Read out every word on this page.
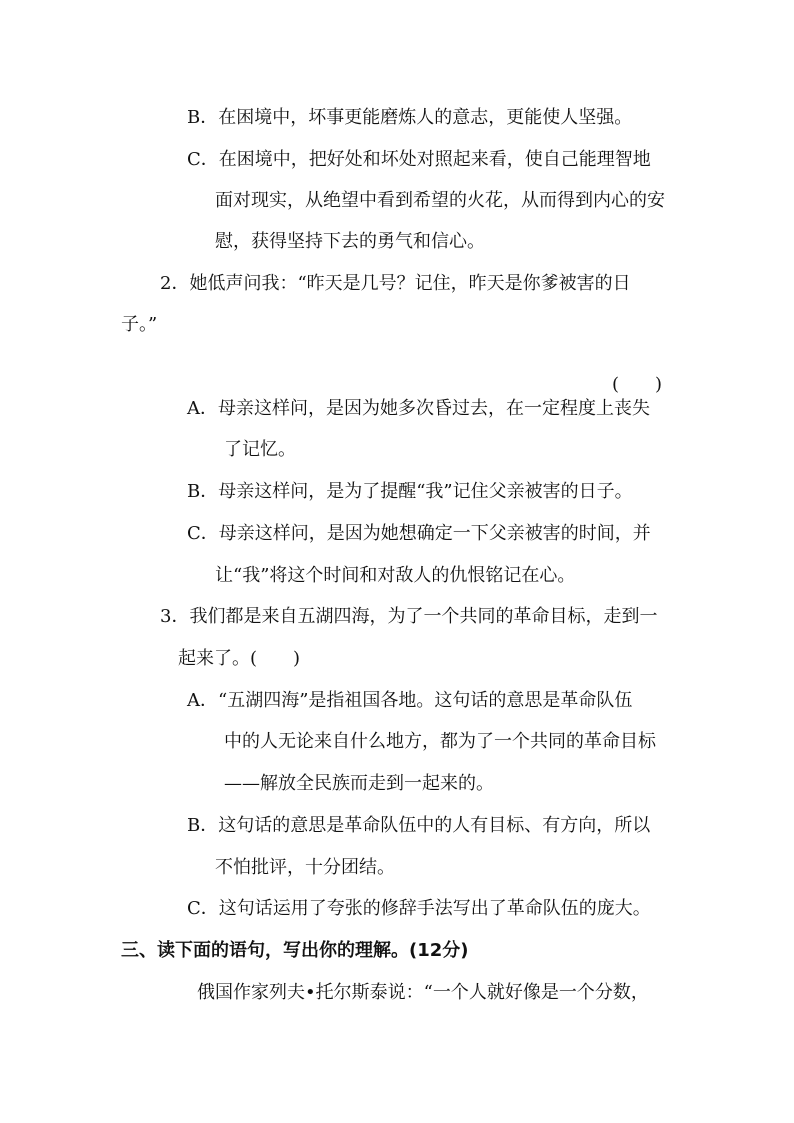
B．在困境中，坏事更能磨炼人的意志，更能使人坚强。

C．在困境中，把好处和坏处对照起来看，使自己能理智地

面对现实，从绝望中看到希望的火花，从而得到内心的安

慰，获得坚持下去的勇气和信心。

2．她低声问我：“昨天是几号？记住，昨天是你爹被害的日

子。”

(　　)

A．母亲这样问，是因为她多次昏过去，在一定程度上丧失

了记忆。

B．母亲这样问，是为了提醒“我”记住父亲被害的日子。

C．母亲这样问，是因为她想确定一下父亲被害的时间，并

让“我”将这个时间和对敌人的仇恨铭记在心。

3．我们都是来自五湖四海，为了一个共同的革命目标，走到一

起来了。(　　)

A．“五湖四海”是指祖国各地。这句话的意思是革命队伍

中的人无论来自什么地方，都为了一个共同的革命目标

——解放全民族而走到一起来的。

B．这句话的意思是革命队伍中的人有目标、有方向，所以

不怕批评，十分团结。

C．这句话运用了夸张的修辞手法写出了革命队伍的庞大。

三、读下面的语句，写出你的理解。(12分)

俄国作家列夫•托尔斯泰说：“一个人就好像是一个分数，
